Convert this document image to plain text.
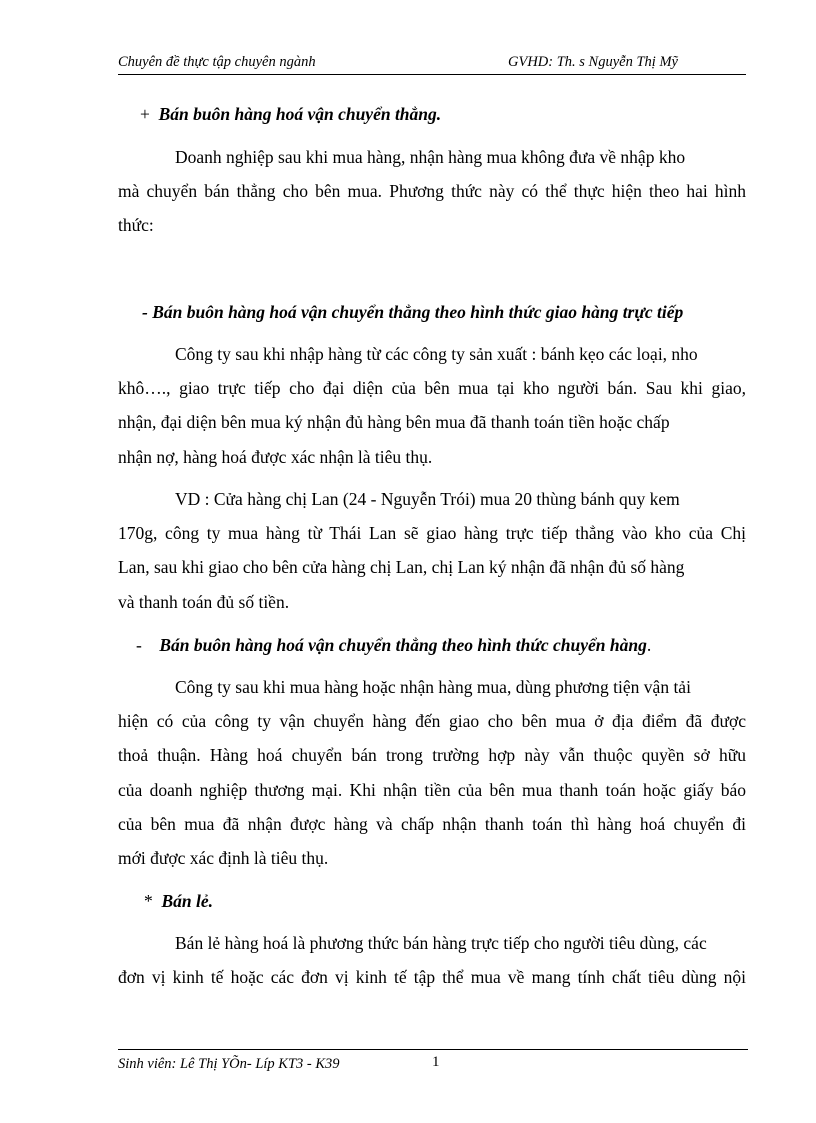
Chuyên đề thực tập chuyên ngành	GVHD: Th. s Nguyễn Thị Mỹ
+ Bán buôn hàng hoá vận chuyển thẳng.
Doanh nghiệp sau khi mua hàng, nhận hàng mua không đưa về nhập kho
mà chuyển bán thẳng cho bên mua. Phương thức này có thể thực hiện theo hai hình
thức:
- Bán buôn hàng hoá vận chuyển thẳng theo hình thức giao hàng trực tiếp
Công ty sau khi nhập hàng từ các công ty sản xuất : bánh kẹo các loại, nho
khô…., giao trực tiếp cho đại diện của bên mua tại kho người bán. Sau khi giao,
nhận, đại diện bên mua ký nhận đủ hàng bên mua đã thanh toán tiền hoặc chấp
nhận nợ, hàng hoá được xác nhận là tiêu thụ.
VD : Cửa hàng chị Lan (24 - Nguyễn Trói) mua 20 thùng bánh quy kem
170g, công ty mua hàng từ Thái Lan sẽ giao hàng trực tiếp thẳng vào kho của Chị
Lan, sau khi giao cho bên cửa hàng chị Lan, chị Lan ký nhận đã nhận đủ số hàng
và thanh toán đủ số tiền.
- Bán buôn hàng hoá vận chuyển thẳng theo hình thức chuyển hàng.
Công ty sau khi mua hàng hoặc nhận hàng mua, dùng phương tiện vận tải
hiện có của công ty vận chuyển hàng đến giao cho bên mua ở địa điểm đã được
thoả thuận. Hàng hoá chuyển bán trong trường hợp này vẫn thuộc quyền sở hữu
của doanh nghiệp thương mại. Khi nhận tiền của bên mua thanh toán hoặc giấy báo
của bên mua đã nhận được hàng và chấp nhận thanh toán thì hàng hoá chuyển đi
mới được xác định là tiêu thụ.
* Bán lẻ.
Bán lẻ hàng hoá là phương thức bán hàng trực tiếp cho người tiêu dùng, các
đơn vị kinh tế hoặc các đơn vị kinh tế tập thể mua về mang tính chất tiêu dùng nội
Sinh viên: Lê Thị YÕn- Líp KT3 - K39	1
